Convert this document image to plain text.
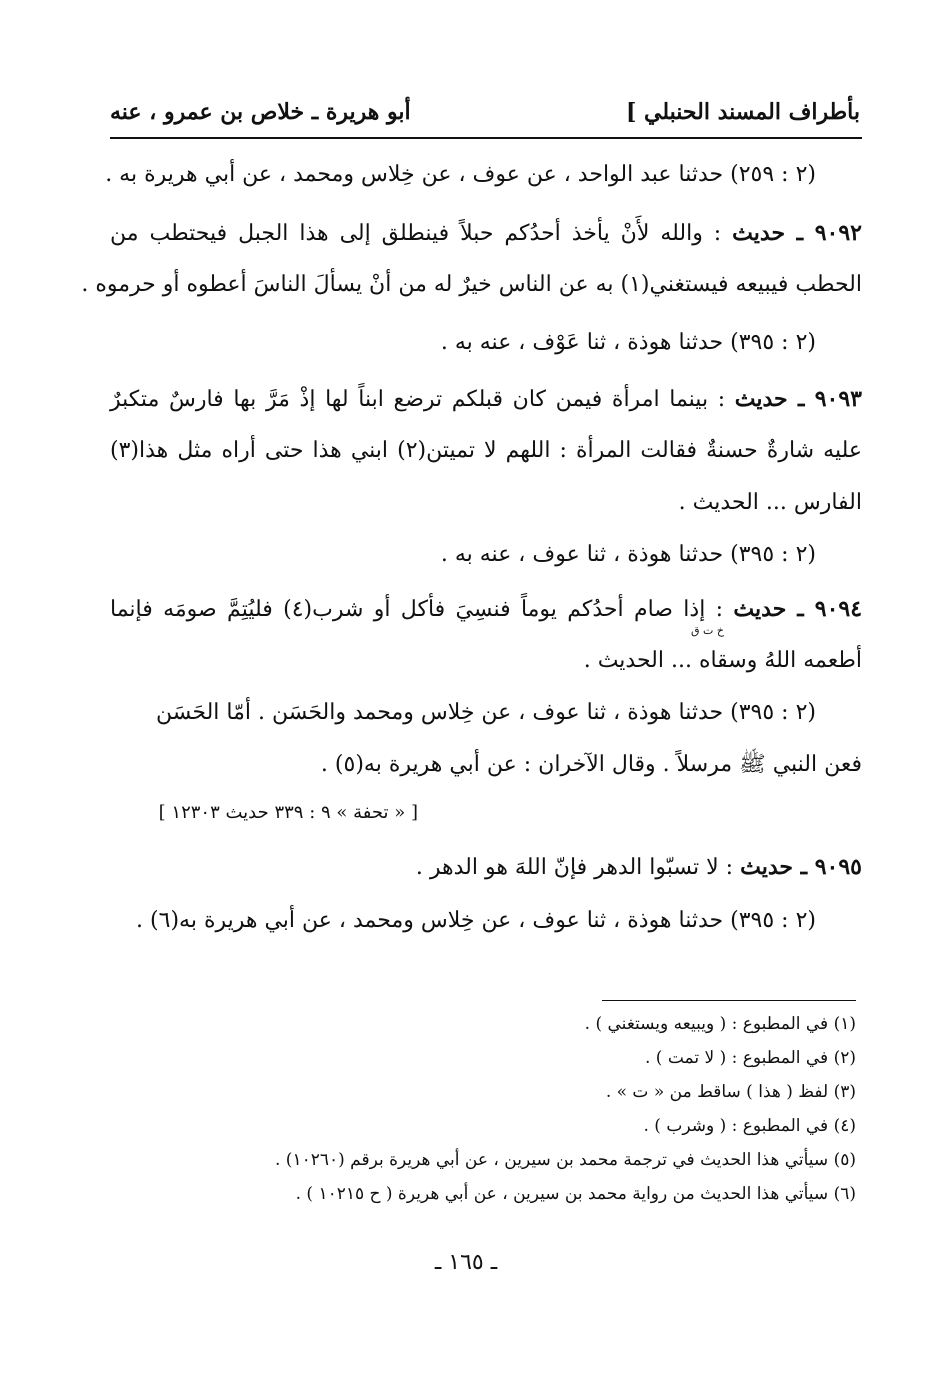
بأطراف المسند الحنبلي ]
أبو هريرة ـ خلاص بن عمرو ، عنه
(٢ : ٢٥٩) حدثنا عبد الواحد ، عن عوف ، عن خِلاس ومحمد ، عن أبي هريرة به .
٩٠٩٢ ـ حديث : والله لأَنْ يأخذ أحدُكم حبلاً فينطلق إلى هذا الجبل فيحتطب من
الحطب فيبيعه فيستغني(١) به عن الناس خيرٌ له من أنْ يسألَ الناسَ أعطوه أو حرموه .
(٢ : ٣٩٥) حدثنا هوذة ، ثنا عَوْف ، عنه به .
٩٠٩٣ ـ حديث : بينما امرأة فيمن كان قبلكم ترضع ابناً لها إذْ مَرَّ بها فارسٌ متكبرٌ
عليه شارةٌ حسنةٌ فقالت المرأة : اللهم لا تميتن(٢) ابني هذا حتى أراه مثل هذا(٣)
الفارس ... الحديث .
(٢ : ٣٩٥) حدثنا هوذة ، ثنا عوف ، عنه به .
٩٠٩٤ ـ حديث : إذا صام أحدُكم يوماً فنسِيَ فأكل أو شرب(٤) فليُتِمَّ صومَه فإنما
خ ت ق
أطعمه اللهُ وسقاه ... الحديث .
(٢ : ٣٩٥) حدثنا هوذة ، ثنا عوف ، عن خِلاس ومحمد والحَسَن . أمّا الحَسَن
فعن النبي ﷺ مرسلاً . وقال الآخران : عن أبي هريرة به(٥) .
[ « تحفة » ٩ : ٣٣٩ حديث ١٢٣٠٣ ]
٩٠٩٥ ـ حديث : لا تسبّوا الدهر فإنّ اللهَ هو الدهر .
(٢ : ٣٩٥) حدثنا هوذة ، ثنا عوف ، عن خِلاس ومحمد ، عن أبي هريرة به(٦) .
(١) في المطبوع : ( ويبيعه ويستغني ) .
(٢) في المطبوع : ( لا تمت ) .
(٣) لفظ ( هذا ) ساقط من « ت » .
(٤) في المطبوع : ( وشرب ) .
(٥) سيأتي هذا الحديث في ترجمة محمد بن سيرين ، عن أبي هريرة برقم (١٠٢٦٠) .
(٦) سيأتي هذا الحديث من رواية محمد بن سيرين ، عن أبي هريرة ( ح ١٠٢١٥ ) .
ـ ١٦٥ ـ
